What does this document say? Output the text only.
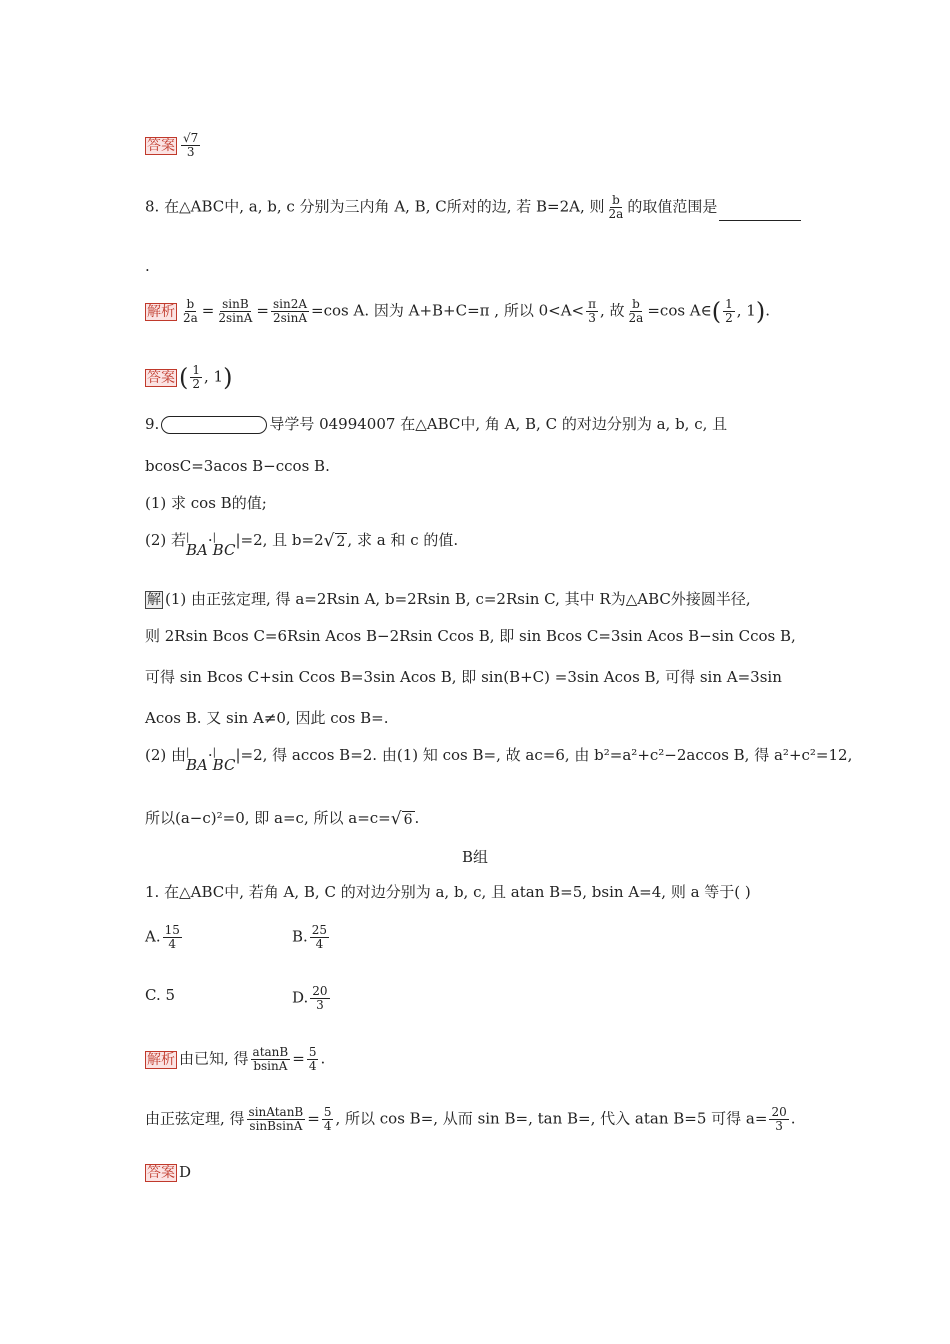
答案 $\frac{√7}{3}$
8. 在△ABC中, a, b, c 分别为三内角 A, B, C所对的边, 若 B=2A, 则 $\frac{b}{2a}$ 的取值范围是
.
解析 $\frac{b}{2a} = \frac{\sin B}{2\sin A} = \frac{\sin 2A}{2\sin A} =\cos$ A. 因为 A+B+C=π , 所以 $0<A< \frac{\pi}{3}$ , 故 $\frac{b}{2a} =\cos$ A∈( $\frac{1}{2}$ , 1).
答案 ( $\frac{1}{2}$ , 1)
9.	导学号 04994007 在△ABC中, 角 A, B, C 的对边分别为 a, b, c, 且
bcosC=3acos B−ccos B.
(1) 求 cos B的值;
(2) 若 |
BA· |
BC|=2, 且 b=2√ 2 , 求 a 和 c 的值.
解 (1) 由正弦定理, 得 a=2Rsin A, b=2Rsin B, c=2Rsin C, 其中 R为△ABC外接圆半径,
则 2Rsin Bcos C=6Rsin Acos B−2Rsin Ccos B, 即 sin Bcos C=3sin Acos B−sin Ccos B,
可得 sin Bcos C+sin Ccos B=3sin Acos B, 即 sin(B+C) =3sin Acos B, 可得 sin A=3sin
Acos B. 又 sin A≠0, 因此 cos B=.
(2) 由 |
BA· |
BC|=2, 得 accos B=2. 由(1) 知 cos B=, 故 ac=6, 由 b²=a²+c²−2accos B, 得 a²+c²=12,
所以(a−c)²=0, 即 a=c, 所以 a=c=√ 6 .
B组
1. 在△ABC中, 若角 A, B, C 的对边分别为 a, b, c, 且 atan B=5, bsin A=4, 则 a 等于( )
A. $\frac{15}{4}$	B. $\frac{25}{4}$
C. 5	D. $\frac{20}{3}$
解析 由已知, 得 $\frac{atanB}{bsinA} = \frac{5}{4}$ .
由正弦定理, 得 $\frac{\text{sinAtanB}}{\text{sinBsinA}} = \frac{5}{4}$ , 所以 cos B=, 从而 sin B=, tan B=, 代入 atan B=5 可得 $a= \frac{20}{3}$ .
答案 D
